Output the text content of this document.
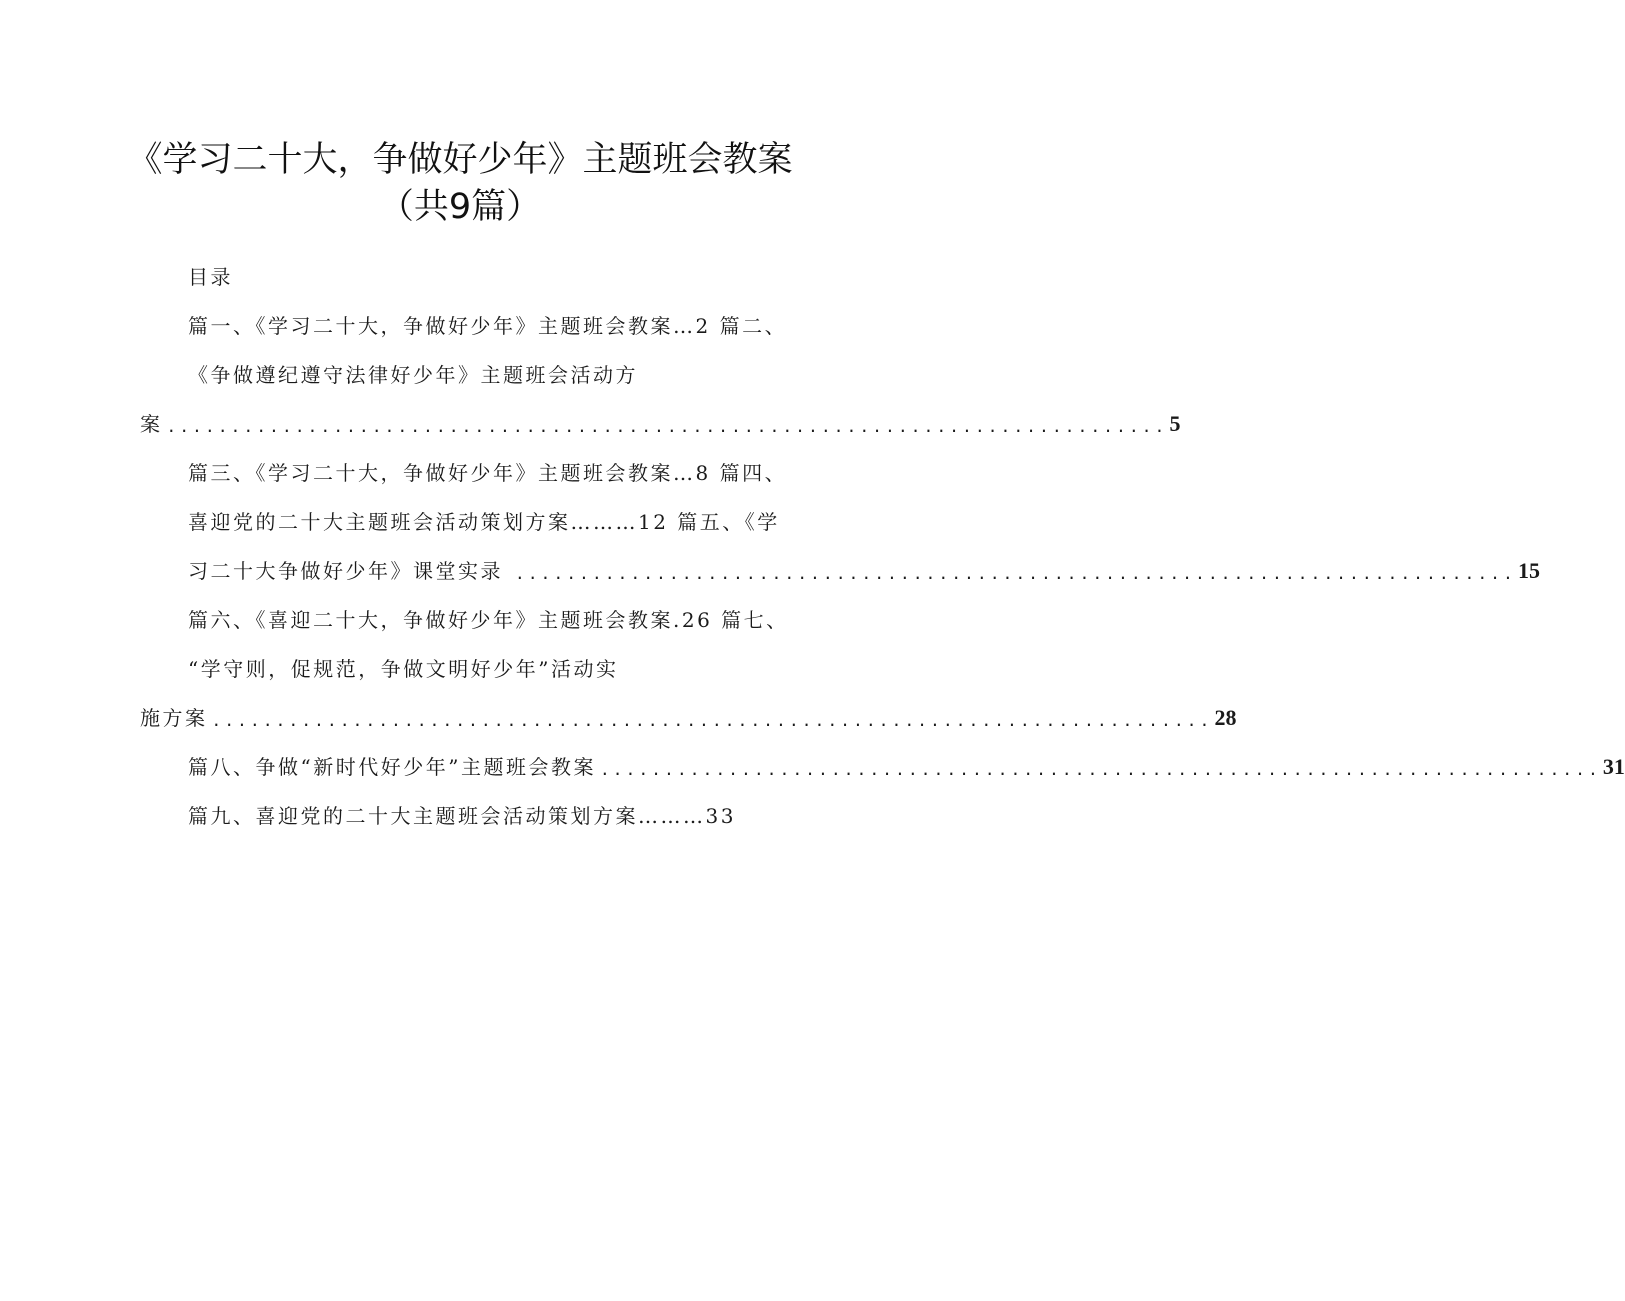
《学习二十大，争做好少年》主题班会教案
（共9篇）
目录
篇一、《学习二十大，争做好少年》主题班会教案…2 篇二、
《争做遵纪遵守法律好少年》主题班会活动方
案 .............................................................................. 5
篇三、《学习二十大，争做好少年》主题班会教案…8 篇四、
喜迎党的二十大主题班会活动策划方案………12 篇五、《学
习二十大争做好少年》课堂实录 .............................................................................. 15
篇六、《喜迎二十大，争做好少年》主题班会教案.26 篇七、
“学守则，促规范，争做文明好少年”活动实
施方案 .............................................................................. 28
篇八、争做“新时代好少年”主题班会教案 .............................................................................. 31
篇九、喜迎党的二十大主题班会活动策划方案………33
